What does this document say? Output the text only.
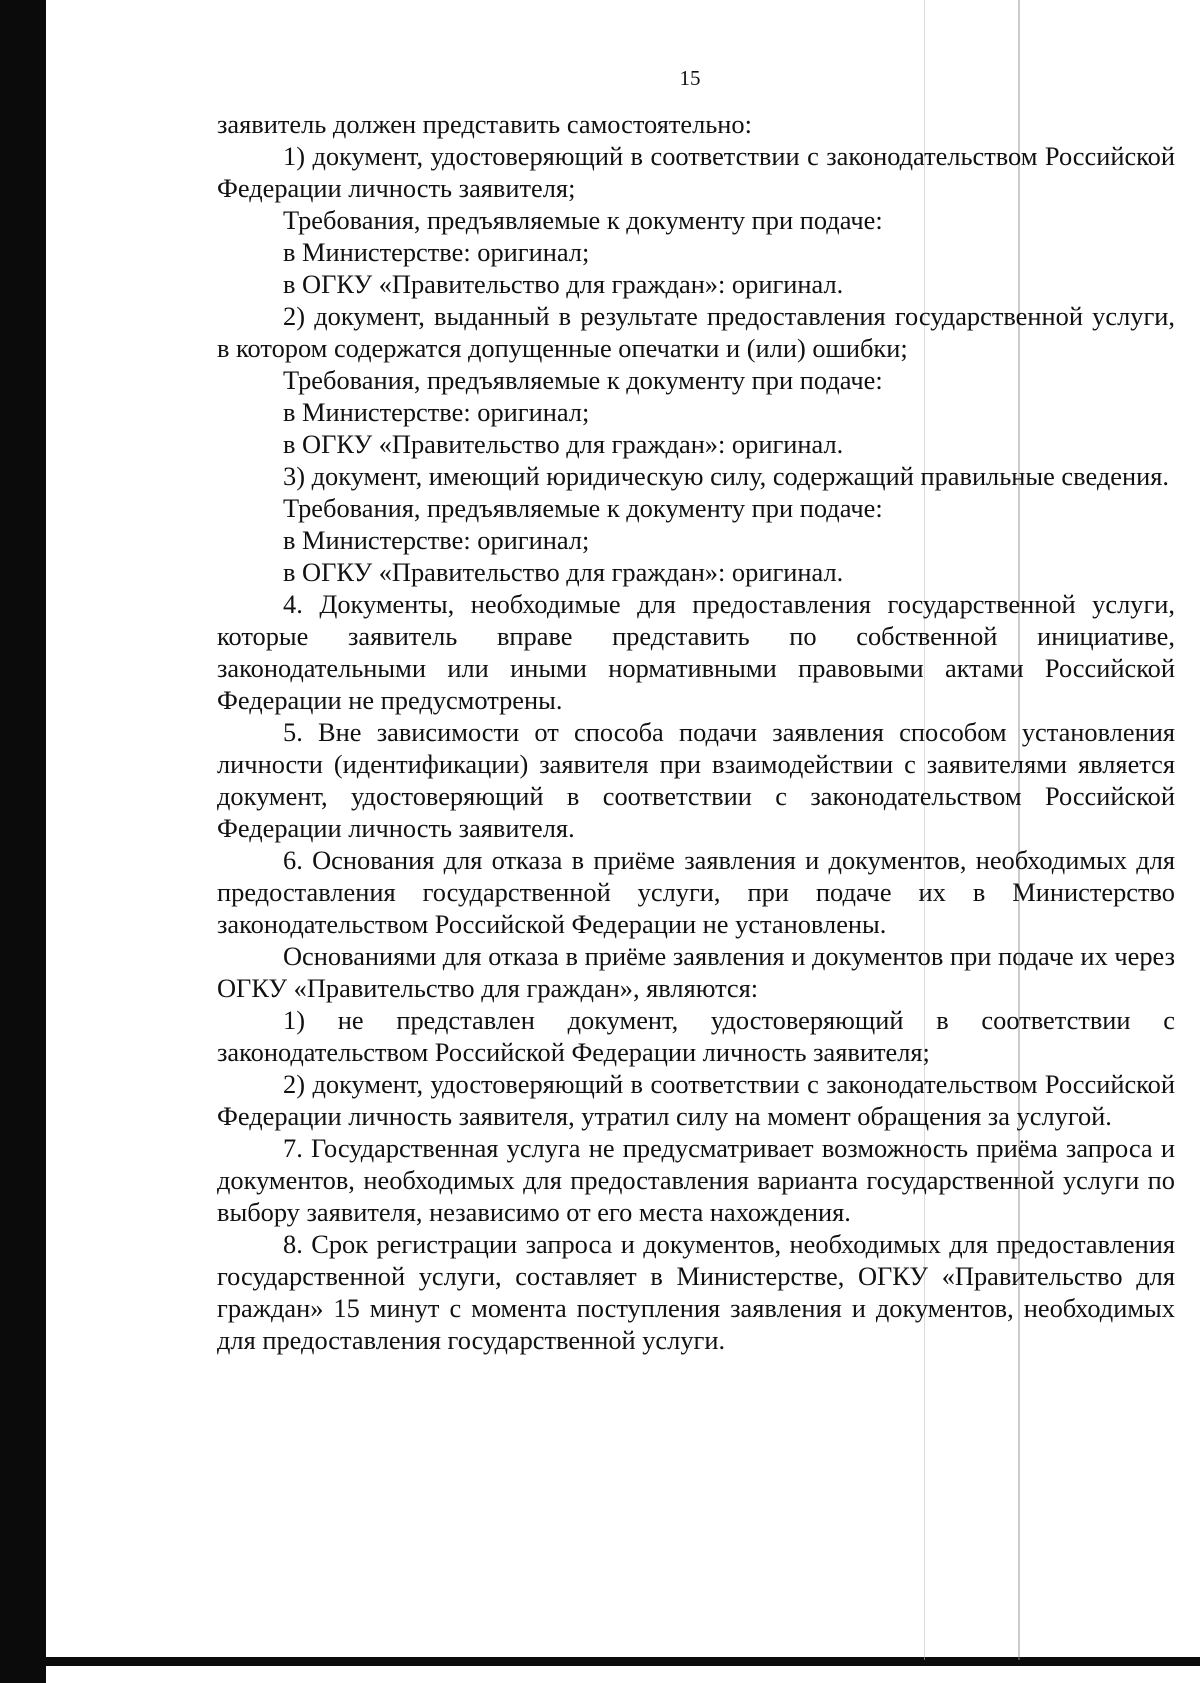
15

заявитель должен представить самостоятельно:

1) документ, удостоверяющий в соответствии с законодательством Российской Федерации личность заявителя;

Требования, предъявляемые к документу при подаче:

в Министерстве: оригинал;

в ОГКУ «Правительство для граждан»: оригинал.

2) документ, выданный в результате предоставления государственной услуги, в котором содержатся допущенные опечатки и (или) ошибки;

Требования, предъявляемые к документу при подаче:

в Министерстве: оригинал;

в ОГКУ «Правительство для граждан»: оригинал.

3) документ, имеющий юридическую силу, содержащий правильные сведения.

Требования, предъявляемые к документу при подаче:

в Министерстве: оригинал;

в ОГКУ «Правительство для граждан»: оригинал.

4. Документы, необходимые для предоставления государственной услуги, которые заявитель вправе представить по собственной инициативе, законодательными или иными нормативными правовыми актами Российской Федерации не предусмотрены.

5. Вне зависимости от способа подачи заявления способом установления личности (идентификации) заявителя при взаимодействии с заявителями является документ, удостоверяющий в соответствии с законодательством Российской Федерации личность заявителя.

6. Основания для отказа в приёме заявления и документов, необходимых для предоставления государственной услуги, при подаче их в Министерство законодательством Российской Федерации не установлены.

Основаниями для отказа в приёме заявления и документов при подаче их через ОГКУ «Правительство для граждан», являются:

1) не представлен документ, удостоверяющий в соответствии с законодательством Российской Федерации личность заявителя;

2) документ, удостоверяющий в соответствии с законодательством Российской Федерации личность заявителя, утратил силу на момент обращения за услугой.

7. Государственная услуга не предусматривает возможность приёма запроса и документов, необходимых для предоставления варианта государственной услуги по выбору заявителя, независимо от его места нахождения.

8. Срок регистрации запроса и документов, необходимых для предоставления государственной услуги, составляет в Министерстве, ОГКУ «Правительство для граждан» 15 минут с момента поступления заявления и документов, необходимых для предоставления государственной услуги.
